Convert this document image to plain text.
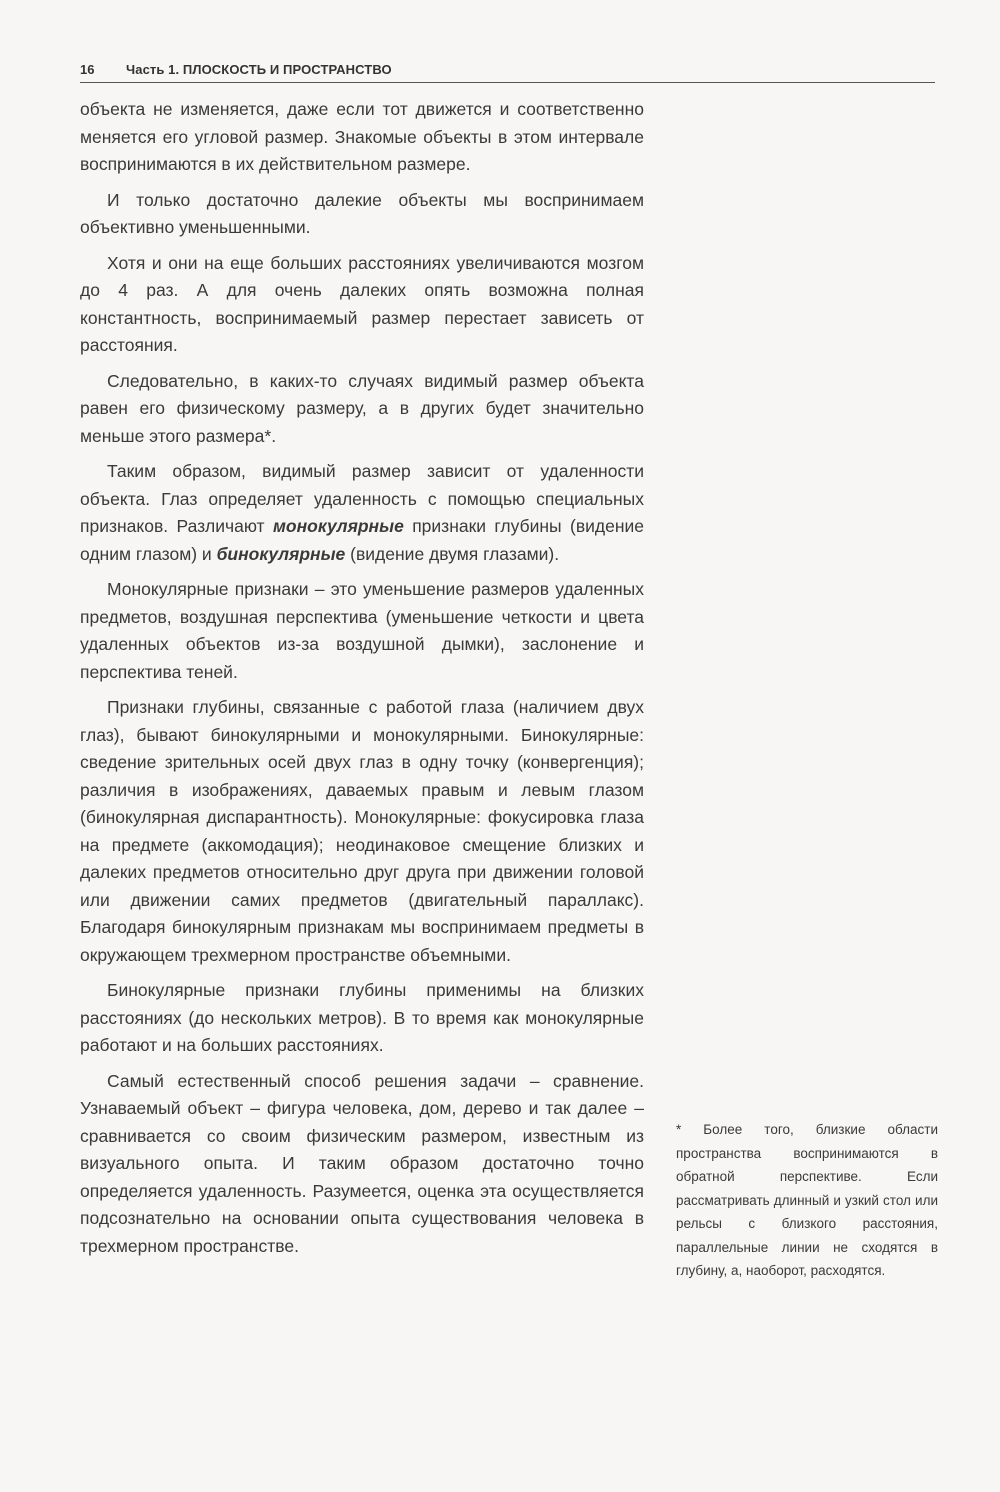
16 Часть 1. ПЛОСКОСТЬ И ПРОСТРАНСТВО

объекта не изменяется, даже если тот движется и соответственно меняется его угловой размер. Знакомые объекты в этом интервале воспринимаются в их действительном размере.

И только достаточно далекие объекты мы воспринимаем объективно уменьшенными.

Хотя и они на еще больших расстояниях увеличиваются мозгом до 4 раз. А для очень далеких опять возможна полная константность, воспринимаемый размер перестает зависеть от расстояния.

Следовательно, в каких-то случаях видимый размер объекта равен его физическому размеру, а в других будет значительно меньше этого размера*.

Таким образом, видимый размер зависит от удаленности объекта. Глаз определяет удаленность с помощью специальных признаков. Различают монокулярные признаки глубины (видение одним глазом) и бинокулярные (видение двумя глазами).

Монокулярные признаки – это уменьшение размеров удаленных предметов, воздушная перспектива (уменьшение четкости и цвета удаленных объектов из-за воздушной дымки), заслонение и перспектива теней.

Признаки глубины, связанные с работой глаза (наличием двух глаз), бывают бинокулярными и монокулярными. Бинокулярные: сведение зрительных осей двух глаз в одну точку (конвергенция); различия в изображениях, даваемых правым и левым глазом (бинокулярная диспарантность). Монокулярные: фокусировка глаза на предмете (аккомодация); неодинаковое смещение близких и далеких предметов относительно друг друга при движении головой или движении самих предметов (двигательный параллакс). Благодаря бинокулярным признакам мы воспринимаем предметы в окружающем трехмерном пространстве объемными.

Бинокулярные признаки глубины применимы на близких расстояниях (до нескольких метров). В то время как монокулярные работают и на больших расстояниях.

Самый естественный способ решения задачи – сравнение. Узнаваемый объект – фигура человека, дом, дерево и так далее – сравнивается со своим физическим размером, известным из визуального опыта. И таким образом достаточно точно определяется удаленность. Разумеется, оценка эта осуществляется подсознательно на основании опыта существования человека в трехмерном пространстве.

* Более того, близкие области пространства воспринимаются в обратной перспективе. Если рассматривать длинный и узкий стол или рельсы с близкого расстояния, параллельные линии не сходятся в глубину, а, наоборот, расходятся.
